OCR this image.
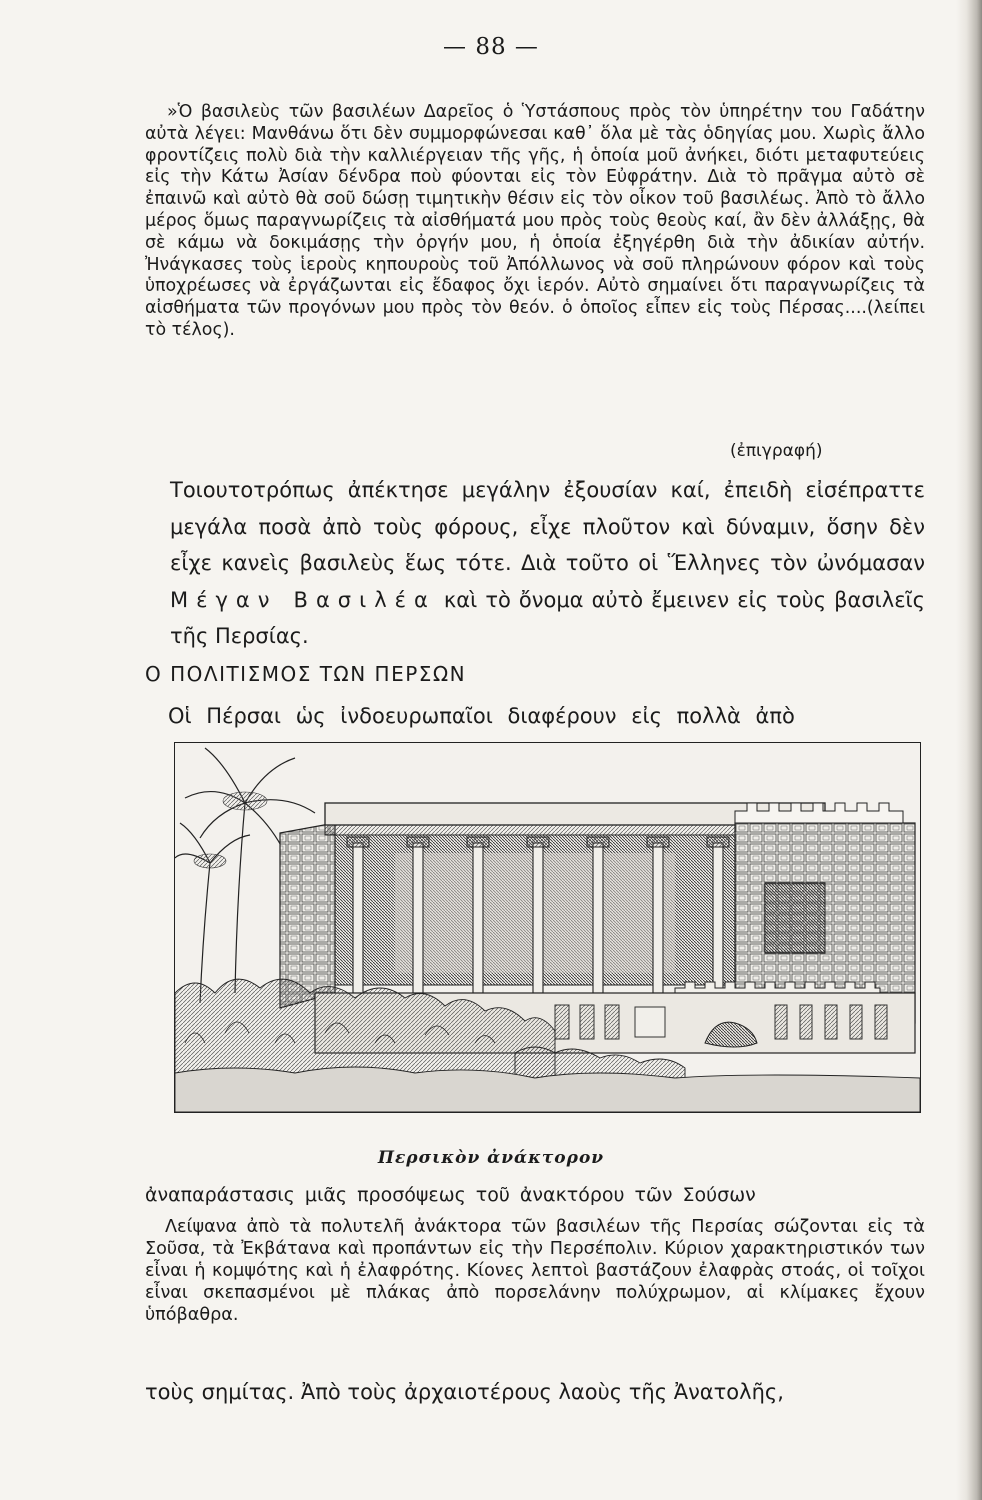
— 88 —

»Ὁ βασιλεὺς τῶν βασιλέων Δαρεῖος ὁ Ὑστάσπους πρὸς τὸν ὑπηρέτην του Γαδάτην αὐτὰ λέγει: Μανθάνω ὅτι δὲν συμμορφώνεσαι καθ᾽ ὅλα μὲ τὰς ὁδηγίας μου. Χωρὶς ἄλλο φροντίζεις πολὺ διὰ τὴν καλλιέργειαν τῆς γῆς, ἡ ὁποία μοῦ ἀνήκει, διότι μεταφυτεύεις εἰς τὴν Κάτω Ἀσίαν δένδρα ποὺ φύονται εἰς τὸν Εὐφράτην. Διὰ τὸ πρᾶγμα αὐτὸ σὲ ἐπαινῶ καὶ αὐτὸ θὰ σοῦ δώσῃ τιμητικὴν θέσιν εἰς τὸν οἶκον τοῦ βασιλέως. Ἀπὸ τὸ ἄλλο μέρος ὅμως παραγνωρίζεις τὰ αἰσθήματά μου πρὸς τοὺς θεοὺς καί, ἂν δὲν ἀλλάξῃς, θὰ σὲ κάμω νὰ δοκιμάσῃς τὴν ὀργήν μου, ἡ ὁποία ἐξηγέρθη διὰ τὴν ἀδικίαν αὐτήν. Ἠνάγκασες τοὺς ἱεροὺς κηπουροὺς τοῦ Ἀπόλλωνος νὰ σοῦ πληρώνουν φόρον καὶ τοὺς ὑποχρέωσες νὰ ἐργάζωνται εἰς ἔδαφος ὄχι ἱερόν. Αὐτὸ σημαίνει ὅτι παραγνωρίζεις τὰ αἰσθήματα τῶν προγόνων μου πρὸς τὸν θεόν. ὁ ὁποῖος εἶπεν εἰς τοὺς Πέρσας....(λείπει τὸ τέλος).

(ἐπιγραφή)

Τοιουτοτρόπως ἀπέκτησε μεγάλην ἐξουσίαν καί, ἐπειδὴ εἰσέπραττε μεγάλα ποσὰ ἀπὸ τοὺς φόρους, εἶχε πλοῦτον καὶ δύναμιν, ὅσην δὲν εἶχε κανεὶς βασιλεὺς ἕως τότε. Διὰ τοῦτο οἱ Ἕλληνες τὸν ὠνόμασαν Μέγαν Βασιλέα καὶ τὸ ὄνομα αὐτὸ ἔμεινεν εἰς τοὺς βασιλεῖς τῆς Περσίας.

Ο ΠΟΛΙΤΙΣΜΟΣ ΤΩΝ ΠΕΡΣΩΝ
Οἱ Πέρσαι ὡς ἰνδοευρωπαῖοι διαφέρουν εἰς πολλὰ ἀπὸ
Περσικὸν ἀνάκτορον
ἀναπαράστασις μιᾶς προσόψεως τοῦ ἀνακτόρου τῶν Σούσων

Λείψανα ἀπὸ τὰ πολυτελῆ ἀνάκτορα τῶν βασιλέων τῆς Περσίας σώζονται εἰς τὰ Σοῦσα, τὰ Ἐκβάτανα καὶ προπάντων εἰς τὴν Περσέπολιν. Κύριον χαρακτηριστικόν των εἶναι ἡ κομψότης καὶ ἡ ἐλαφρότης. Κίονες λεπτοὶ βαστάζουν ἐλαφρὰς στοάς, οἱ τοῖχοι εἶναι σκεπασμένοι μὲ πλάκας ἀπὸ πορσελάνην πολύχρωμον, αἱ κλίμακες ἔχουν ὑπόβαθρα.

τοὺς σημίτας. Ἀπὸ τοὺς ἀρχαιοτέρους λαοὺς τῆς Ἀνατολῆς,
